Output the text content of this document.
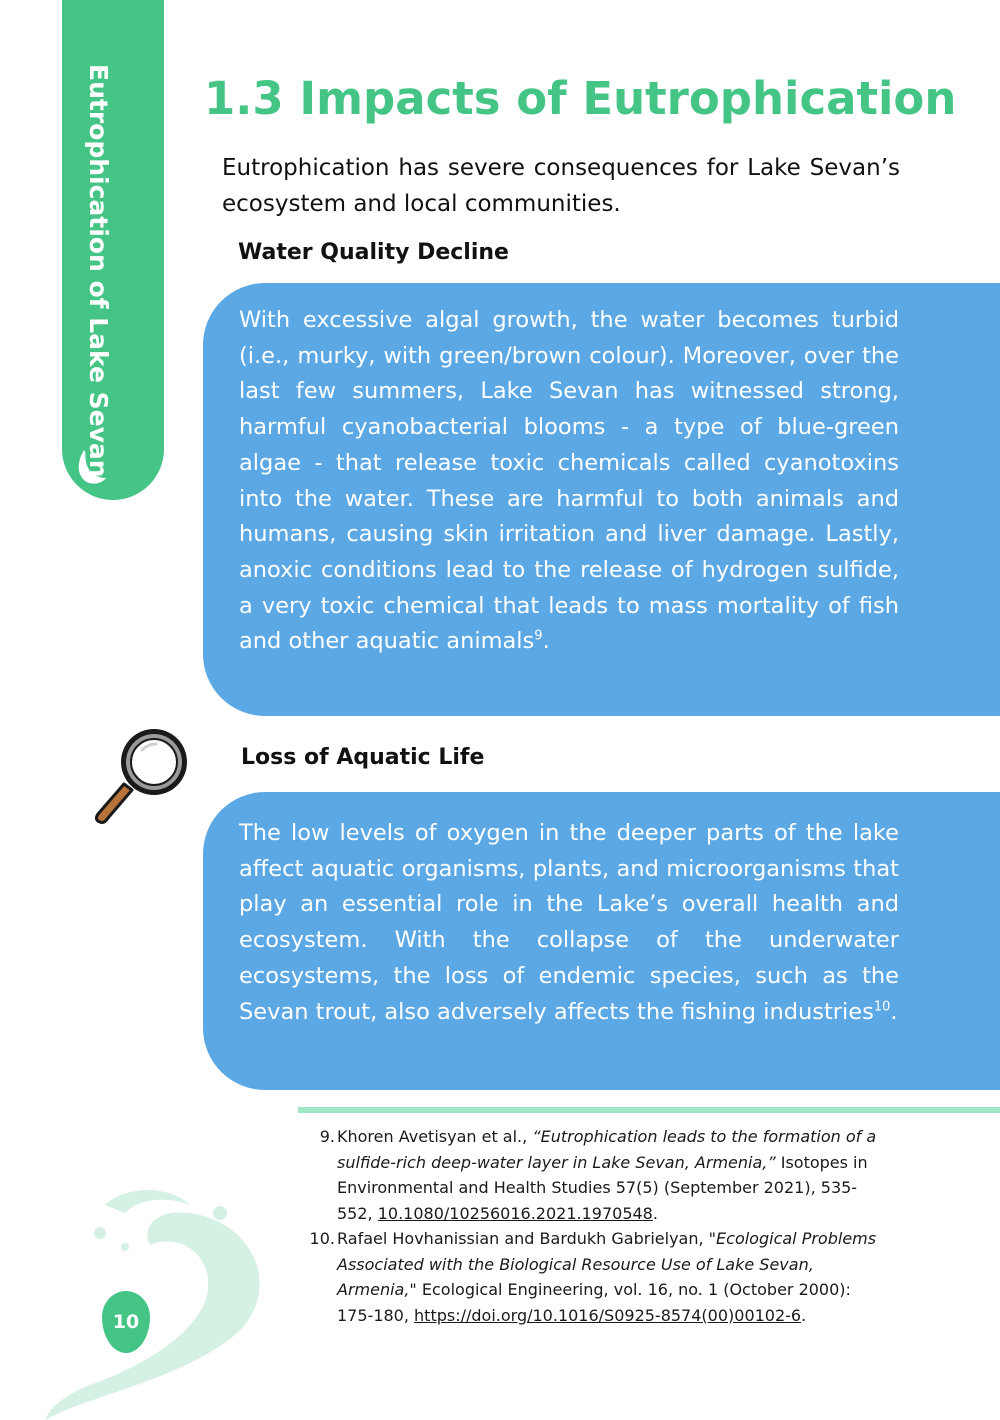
Eutrophication of Lake Sevan 1.3 Impacts of Eutrophication

Eutrophication has severe consequences for Lake Sevan’s ecosystem and local communities.

Water Quality Decline

With excessive algal growth, the water becomes turbid (i.e., murky, with green/brown colour). Moreover, over the last few summers, Lake Sevan has witnessed strong, harmful cyanobacterial blooms - a type of blue-green algae - that release toxic chemicals called cyanotoxins into the water. These are harmful to both animals and humans, causing skin irritation and liver damage. Lastly, anoxic conditions lead to the release of hydrogen sulfide, a very toxic chemical that leads to mass mortality of fish and other aquatic animals$^9$.

Loss of Aquatic Life

The low levels of oxygen in the deeper parts of the lake affect aquatic organisms, plants, and microorganisms that play an essential role in the Lake’s overall health and ecosystem. With the collapse of the underwater ecosystems, the loss of endemic species, such as the Sevan trout, also adversely affects the fishing industries$^{10}$.

9. Khoren Avetisyan et al., “Eutrophication leads to the formation of a sulfide-rich deep-water layer in Lake Sevan, Armenia,” Isotopes in Environmental and Health Studies 57(5) (September 2021), 535-552, 10.1080/10256016.2021.1970548.
10. Rafael Hovhanissian and Bardukh Gabrielyan, "Ecological Problems Associated with the Biological Resource Use of Lake Sevan, Armenia," Ecological Engineering, vol. 16, no. 1 (October 2000): 175-180, https://doi.org/10.1016/S0925-8574(00)00102-6.
10
